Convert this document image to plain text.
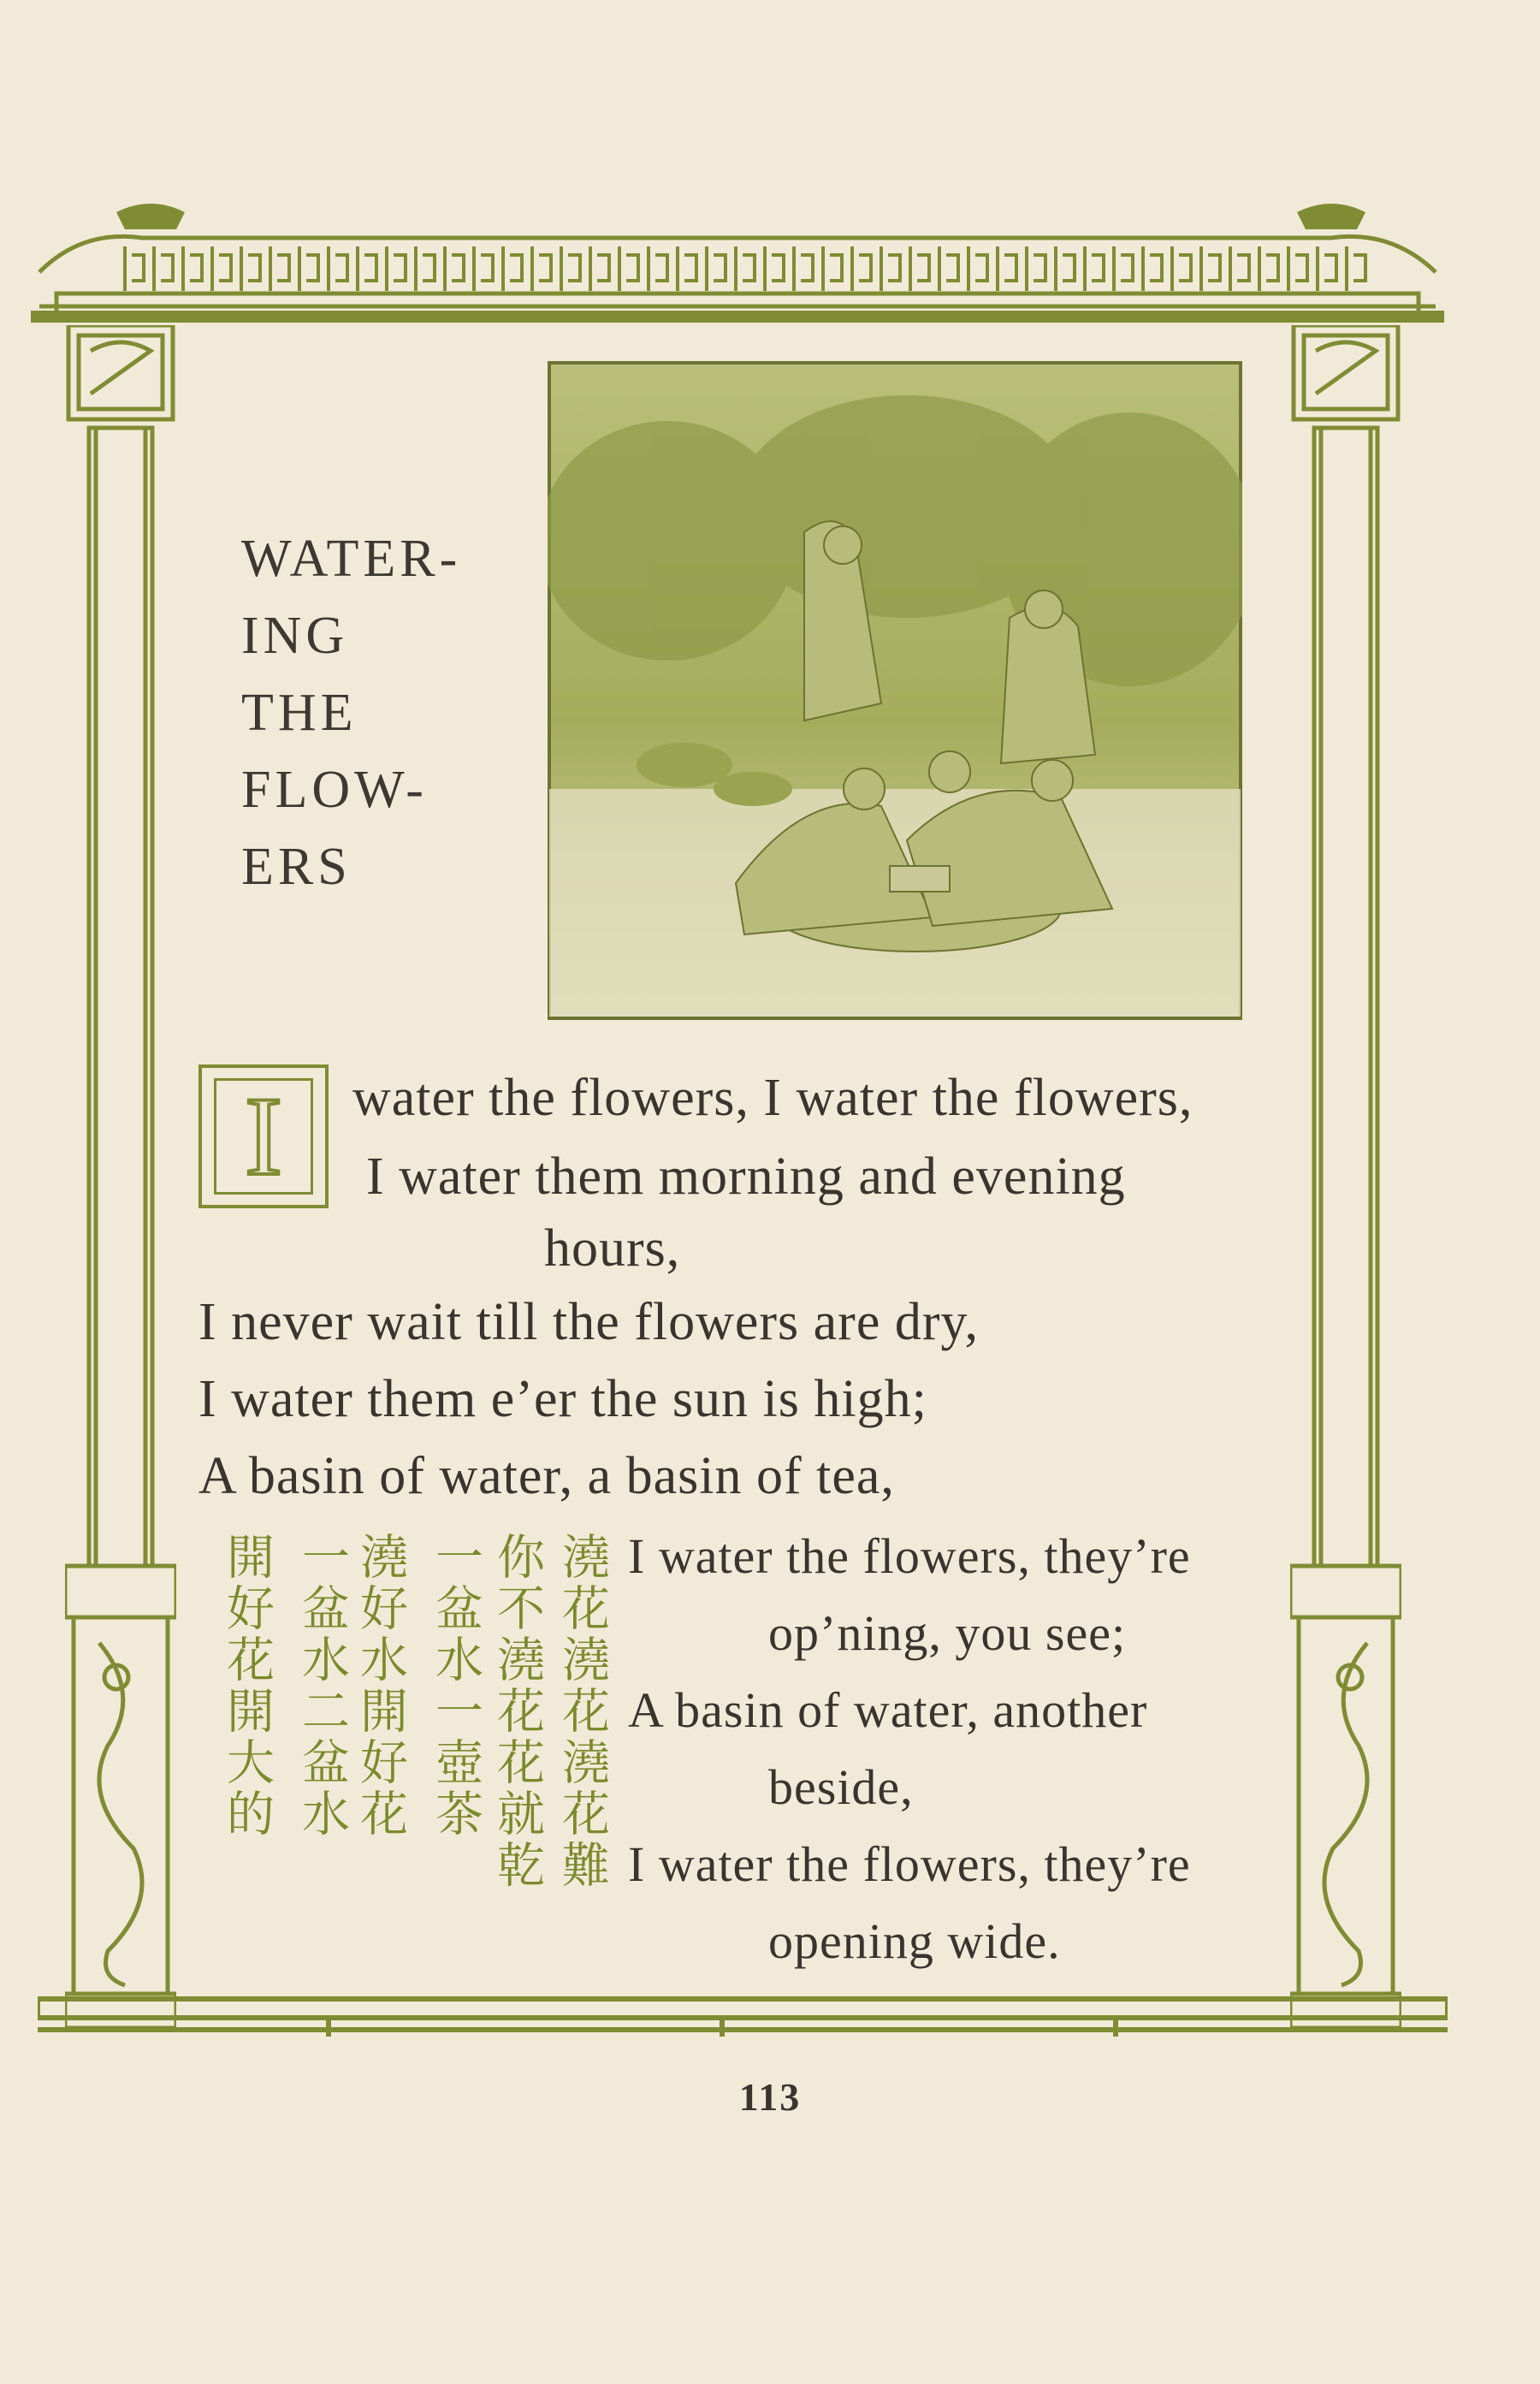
WATER-
ING
THE
FLOW-
ERS
I	water the flowers, I water the flowers,
I water them morning and evening
hours,
I never wait till the flowers are dry,
I water them e’er the sun is high;
A basin of water, a basin of tea,
I water the flowers, they’re
op’ning, you see;
A basin of water, another
beside,
I water the flowers, they’re
opening wide.
澆花澆花澆花難
你不澆花花就乾
一盆水一壺茶
澆好水開好花
一盆水二盆水
開好花開大的
113
